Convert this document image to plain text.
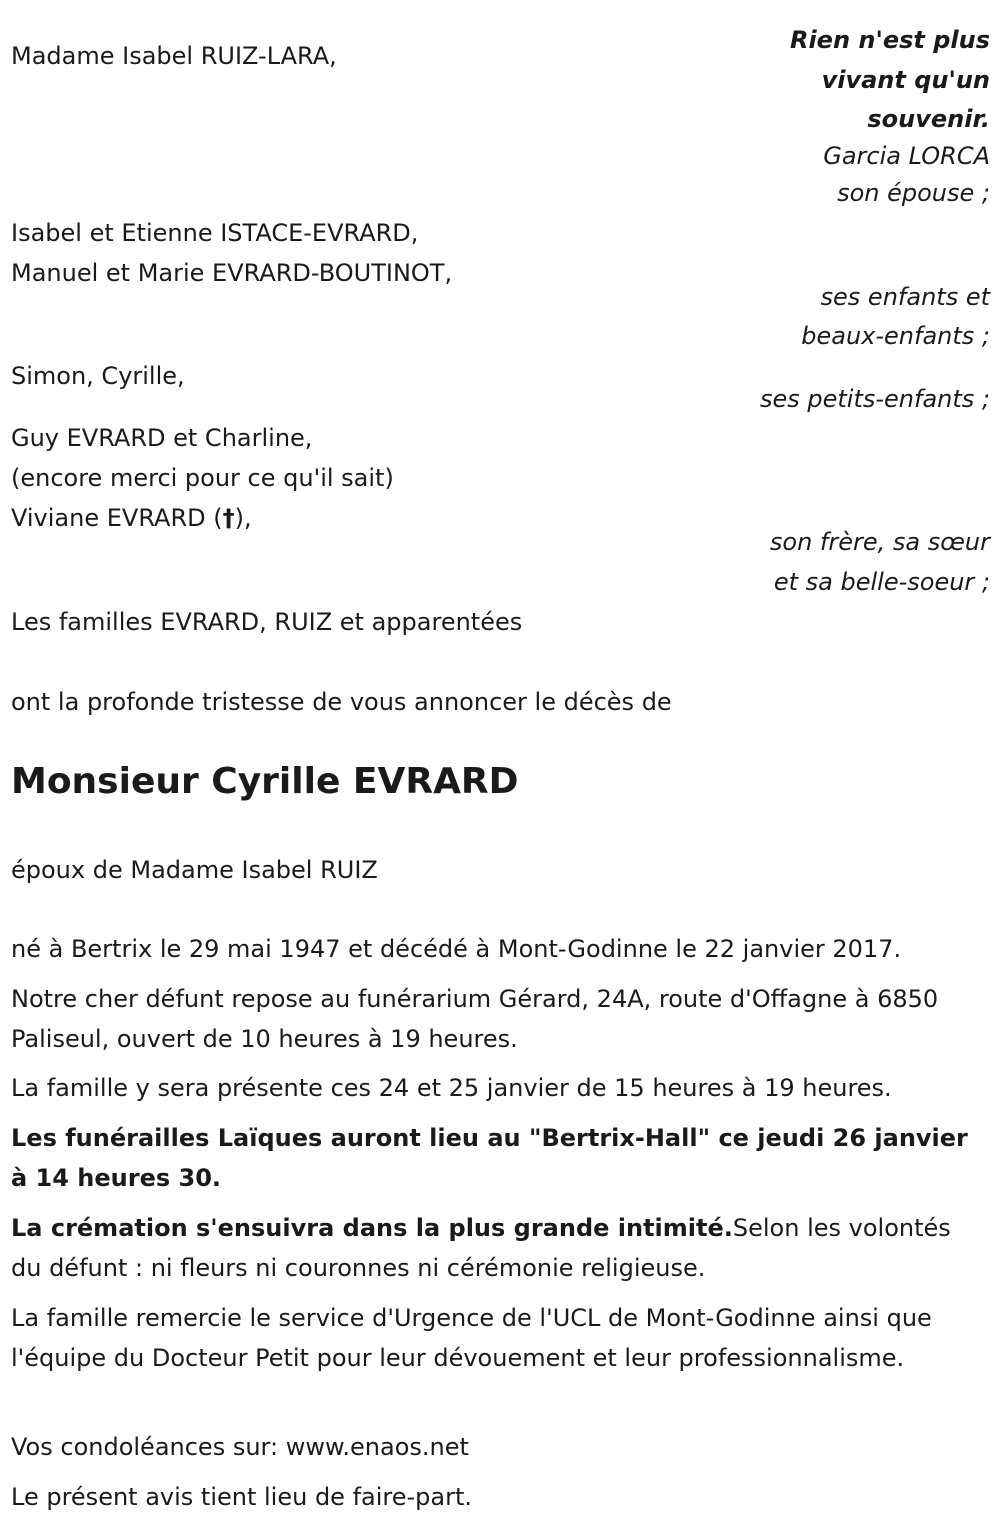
Rien n'est plus
vivant qu'un
souvenir.
Garcia LORCA
Madame Isabel RUIZ-LARA,
son épouse ;
Isabel et Etienne ISTACE-EVRARD,
Manuel et Marie EVRARD-BOUTINOT,
ses enfants et
beaux-enfants ;
Simon, Cyrille,
ses petits-enfants ;
Guy EVRARD et Charline,
(encore merci pour ce qu'il sait)
Viviane EVRARD (†),
son frère, sa sœur
et sa belle-soeur ;
Les familles EVRARD, RUIZ et apparentées
ont la profonde tristesse de vous annoncer le décès de
Monsieur Cyrille EVRARD
époux de Madame Isabel RUIZ
né à Bertrix le 29 mai 1947 et décédé à Mont-Godinne le 22 janvier 2017.
Notre cher défunt repose au funérarium Gérard, 24A, route d'Offagne à 6850 Paliseul, ouvert de 10 heures à 19 heures.
La famille y sera présente ces 24 et 25 janvier de 15 heures à 19 heures.
Les funérailles Laïques auront lieu au "Bertrix-Hall" ce jeudi 26 janvier à 14 heures 30.
La crémation s'ensuivra dans la plus grande intimité.Selon les volontés du défunt : ni fleurs ni couronnes ni cérémonie religieuse.
La famille remercie le service d'Urgence de l'UCL de Mont-Godinne ainsi que l'équipe du Docteur Petit pour leur dévouement et leur professionnalisme.
Vos condoléances sur: www.enaos.net
Le présent avis tient lieu de faire-part.
